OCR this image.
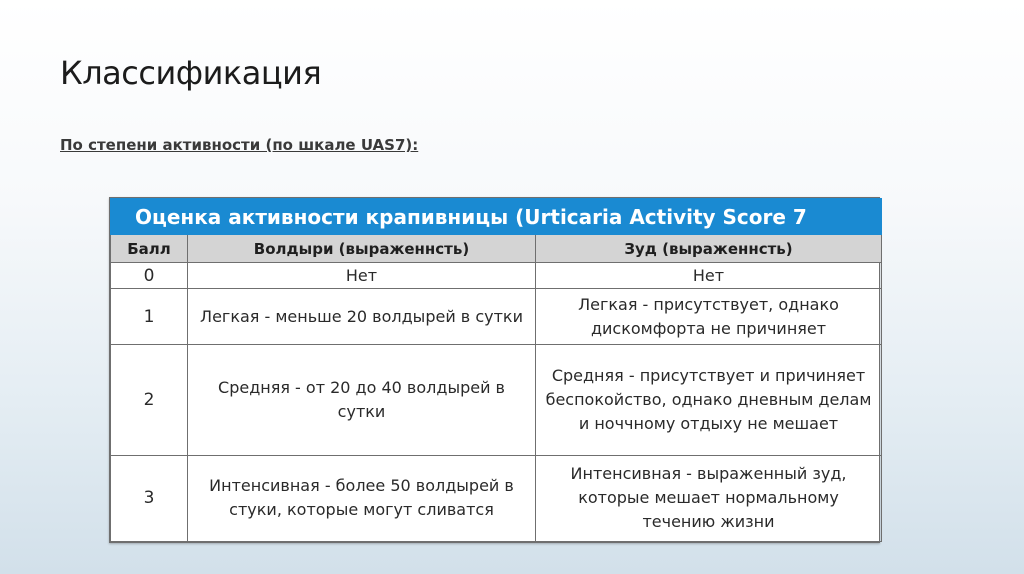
Классификация

По степени активности (по шкале UAS7):

Оценка активности крапивницы (Urticaria Activity Score 7		
Балл	Волдыри (выраженнсть)	Зуд (выраженнсть)
0	Нет	Нет
1	Легкая - меньше 20 волдырей в сутки	Легкая - присутствует, однако дискомфорта не причиняет
2	Средняя - от 20 до 40 волдырей в сутки	Средняя - присутствует и причиняет беспокойство, однако дневным делам и ноччному отдыху не мешает
3	Интенсивная - более 50 волдырей в стуки, которые могут сливатся	Интенсивная - выраженный зуд, которые мешает нормальному течению жизни
